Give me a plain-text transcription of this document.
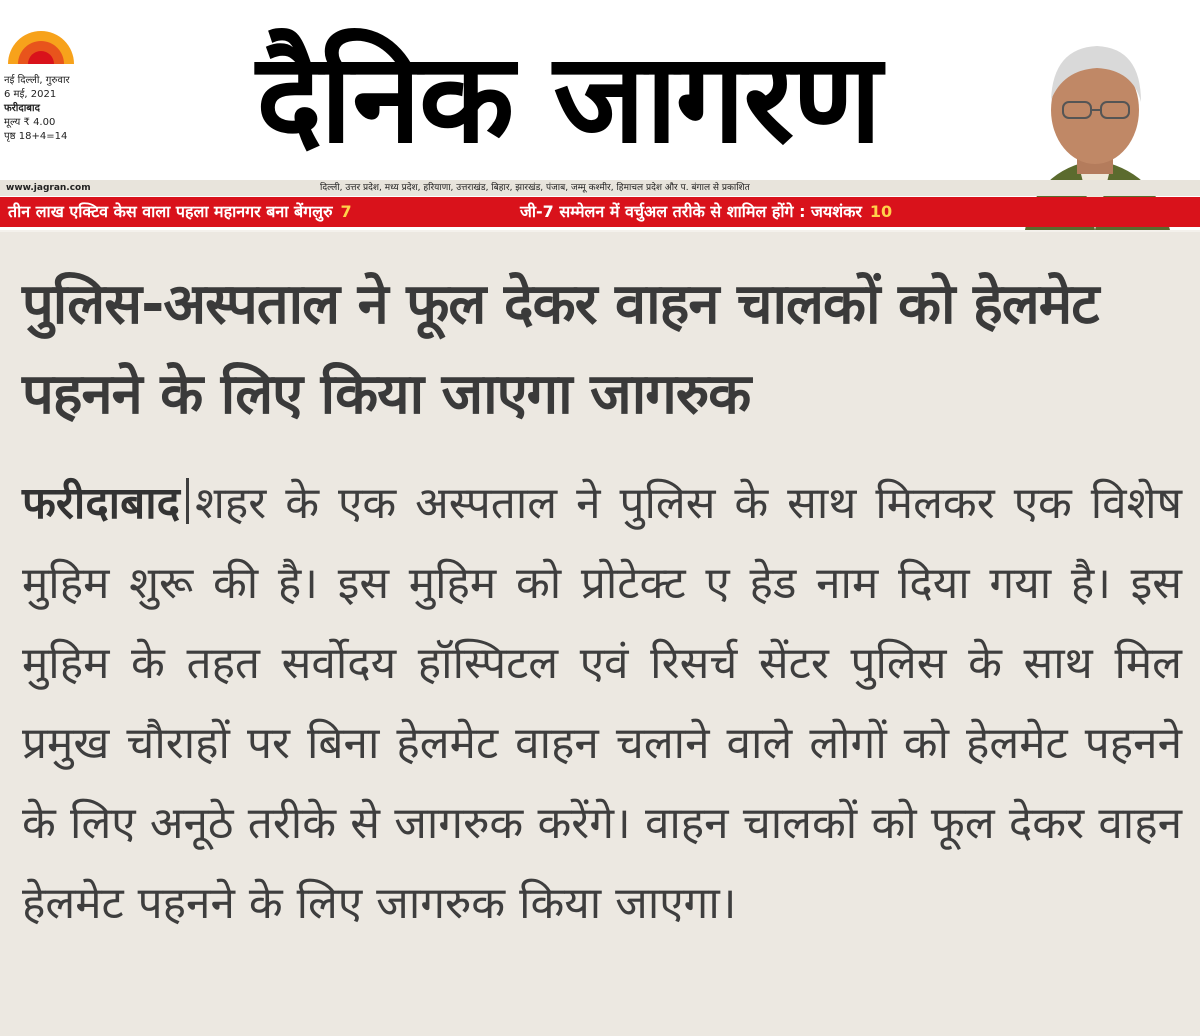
नई दिल्ली, गुरुवार
6 मई, 2021
फरीदाबाद
मूल्य ₹ 4.00
पृष्ठ 18+4=14	दैनिक जागरण
www.jagran.com	दिल्ली, उत्तर प्रदेश, मध्य प्रदेश, हरियाणा, उत्तराखंड, बिहार, झारखंड, पंजाब, जम्मू कश्मीर, हिमाचल प्रदेश और प. बंगाल से प्रकाशित
तीन लाख एक्टिव केस वाला पहला महानगर बना बेंगलुरु 7	जी-7 सम्मेलन में वर्चुअल तरीके से शामिल होंगे : जयशंकर 10
पुलिस-अस्पताल ने फूल देकर वाहन चालकों को हेलमेट पहनने के लिए किया जाएगा जागरुक
फरीदाबाद शहर के एक अस्पताल ने पुलिस के साथ मिलकर एक विशेष मुहिम शुरू की है। इस मुहिम को प्रोटेक्ट ए हेड नाम दिया गया है। इस मुहिम के तहत सर्वोदय हॉस्पिटल एवं रिसर्च सेंटर पुलिस के साथ मिल प्रमुख चौराहों पर बिना हेलमेट वाहन चलाने वाले लोगों को हेलमेट पहनने के लिए अनूठे तरीके से जागरुक करेंगे। वाहन चालकों को फूल देकर वाहन हेलमेट पहनने के लिए जागरुक किया जाएगा।
